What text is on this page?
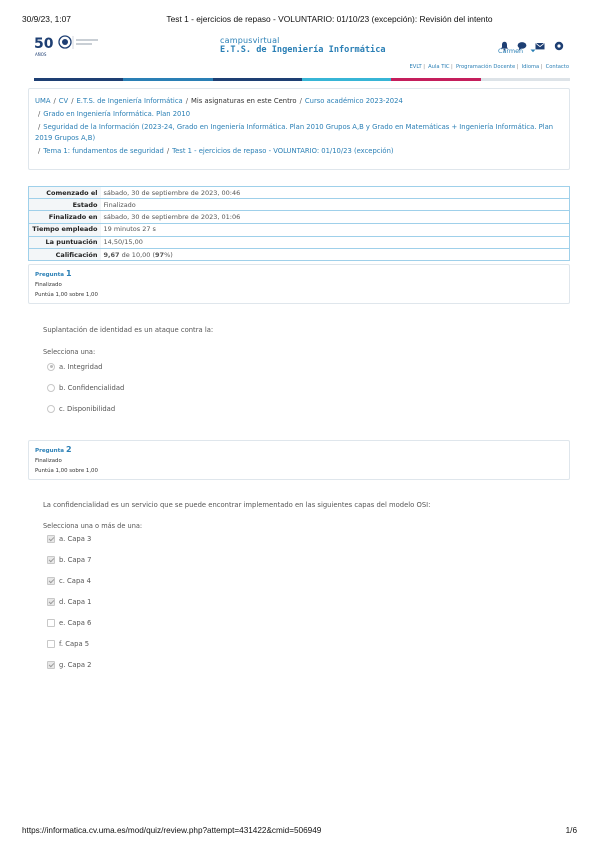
30/9/23, 1:07	Test 1 - ejercicios de repaso - VOLUNTARIO: 01/10/23 (excepción): Revisión del intento
50
AÑOS
campusvirtual
E.T.S. de Ingeniería Informática	Carmen
EVLT | Aula TIC | Programación Docente | Idioma | Contacto
UMA / CV / E.T.S. de Ingeniería Informática / Mis asignaturas en este Centro / Curso académico 2023-2024
/ Grado en Ingeniería Informática. Plan 2010
/ Seguridad de la Información (2023-24, Grado en Ingeniería Informática. Plan 2010 Grupos A,B y Grado en Matemáticas + Ingeniería Informática. Plan 2019 Grupos A,B)
/ Tema 1: fundamentos de seguridad / Test 1 - ejercicios de repaso - VOLUNTARIO: 01/10/23 (excepción)
Comenzado el	sábado, 30 de septiembre de 2023, 00:46
Estado	Finalizado
Finalizado en	sábado, 30 de septiembre de 2023, 01:06
Tiempo empleado	19 minutos 27 s
La puntuación	14,50/15,00
Calificación	9,67 de 10,00 (97%)
Pregunta 1
Finalizado
Puntúa 1,00 sobre 1,00
Suplantación de identidad es un ataque contra la:
Selecciona una:
a. Integridad
b. Confidencialidad
c. Disponibilidad
Pregunta 2
Finalizado
Puntúa 1,00 sobre 1,00
La confidencialidad es un servicio que se puede encontrar implementado en las siguientes capas del modelo OSI:
Selecciona una o más de una:
a. Capa 3
b. Capa 7
c. Capa 4
d. Capa 1
e. Capa 6
f. Capa 5
g. Capa 2
https://informatica.cv.uma.es/mod/quiz/review.php?attempt=431422&cmid=506949	1/6
